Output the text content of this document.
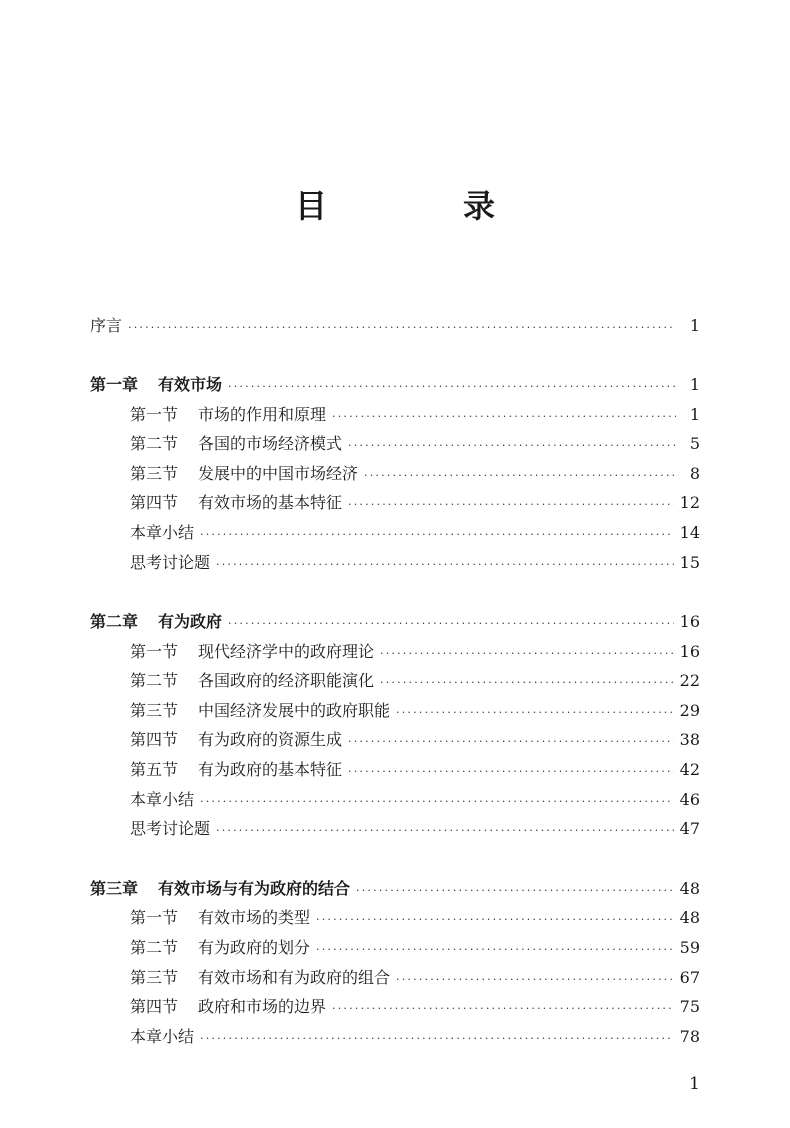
目　录
序言 ·····	1
第一章 有效市场 ·····	1
第一节 市场的作用和原理 ·····	1
第二节 各国的市场经济模式 ·····	5
第三节 发展中的中国市场经济 ·····	8
第四节 有效市场的基本特征 ·····	12
本章小结 ·····	14
思考讨论题 ·····	15
第二章 有为政府 ·····	16
第一节 现代经济学中的政府理论 ·····	16
第二节 各国政府的经济职能演化 ·····	22
第三节 中国经济发展中的政府职能 ·····	29
第四节 有为政府的资源生成 ·····	38
第五节 有为政府的基本特征 ·····	42
本章小结 ·····	46
思考讨论题 ·····	47
第三章 有效市场与有为政府的结合 ·····	48
第一节 有效市场的类型 ·····	48
第二节 有为政府的划分 ·····	59
第三节 有效市场和有为政府的组合 ·····	67
第四节 政府和市场的边界 ·····	75
本章小结 ·····	78
1
